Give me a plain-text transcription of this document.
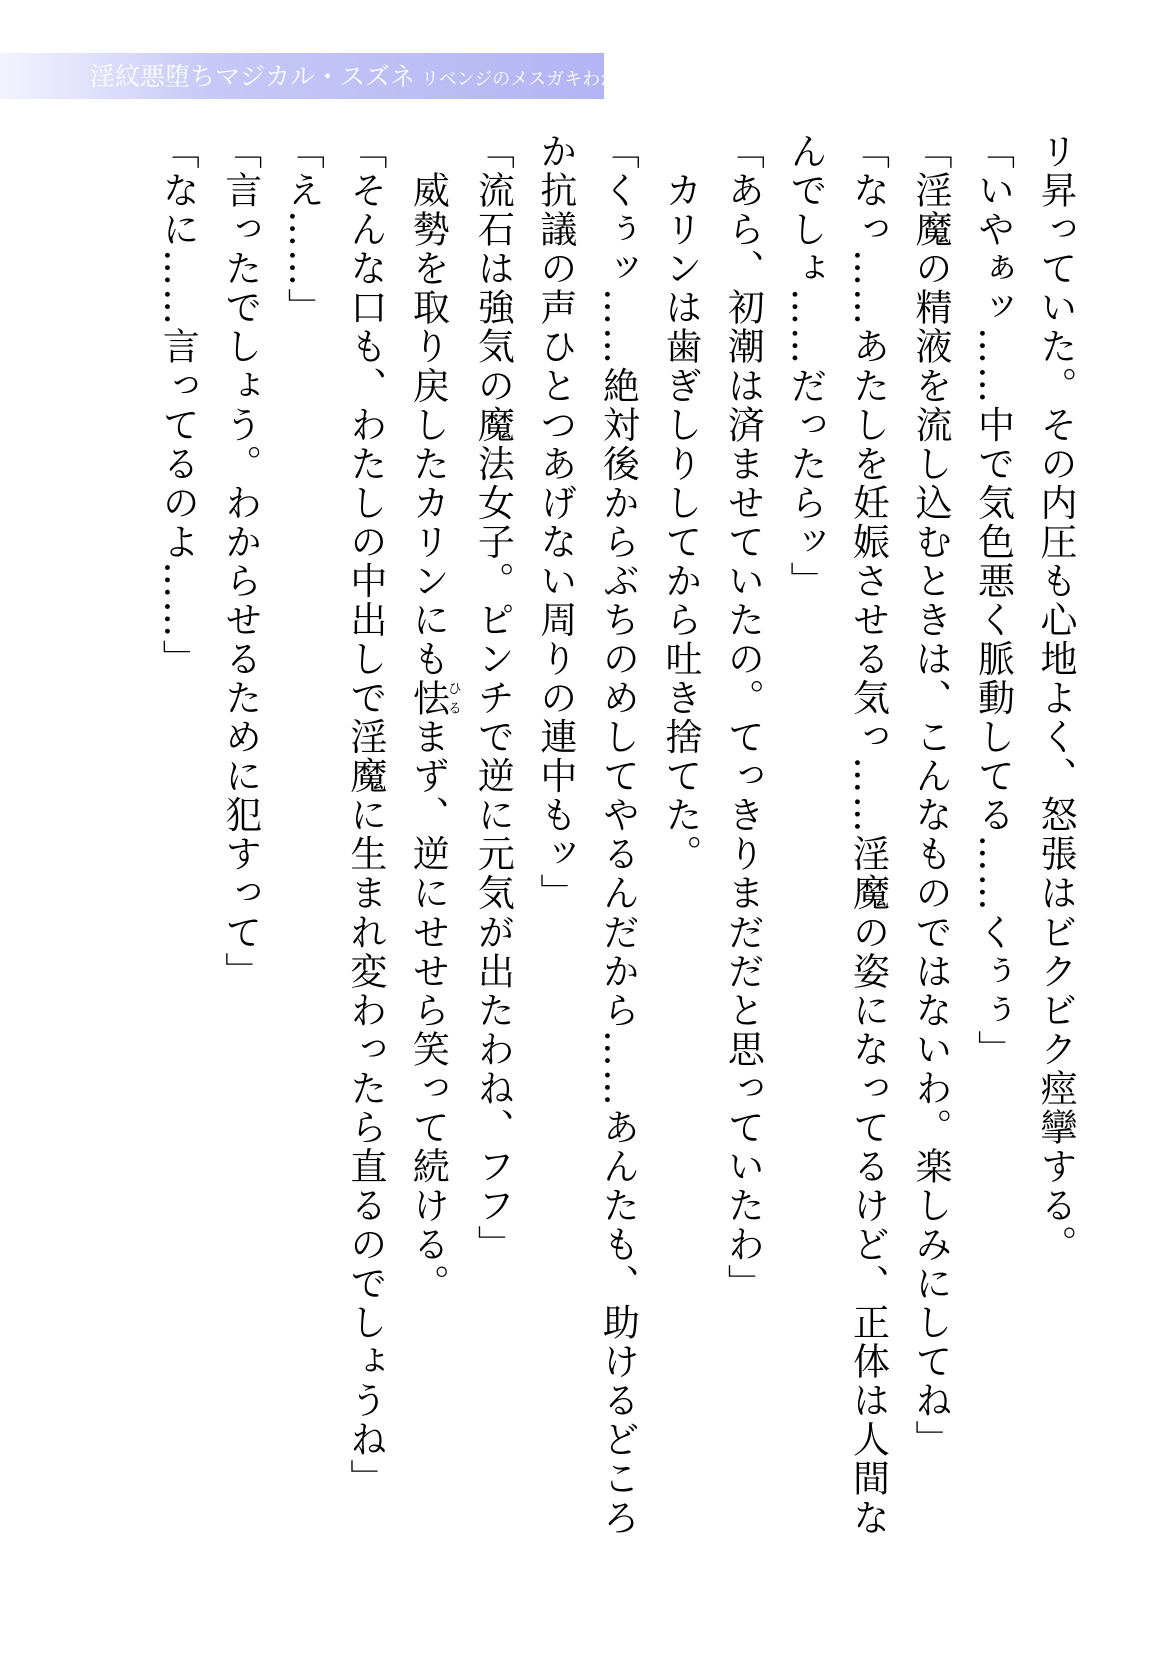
淫紋悪堕ちマジカル・スズネ リベンジのメスガキわからせ
リ昇っていた。その内圧も心地よく、怒張はビクビク痙攣する。
「いやぁッ……中で気色悪く脈動してる……くぅぅ」
「淫魔の精液を流し込むときは、こんなものではないわ。楽しみにしてね」
「なっ……あたしを妊娠させる気っ……淫魔の姿になってるけど、正体は人間な
んでしょ……だったらッ」
「あら、初潮は済ませていたの。てっきりまだだと思っていたわ」
　カリンは歯ぎしりしてから吐き捨てた。
「くぅッ……絶対後からぶちのめしてやるんだから……あんたも、助けるどころ
か抗議の声ひとつあげない周りの連中もッ」
「流石は強気の魔法女子。ピンチで逆に元気が出たわね、フフ」
　威勢を取り戻したカリンにも怯ひるまず、逆にせせら笑って続ける。
「そんな口も、わたしの中出しで淫魔に生まれ変わったら直るのでしょうね」
「え……」
「言ったでしょう。わからせるために犯すって」
「なに……言ってるのよ……」
